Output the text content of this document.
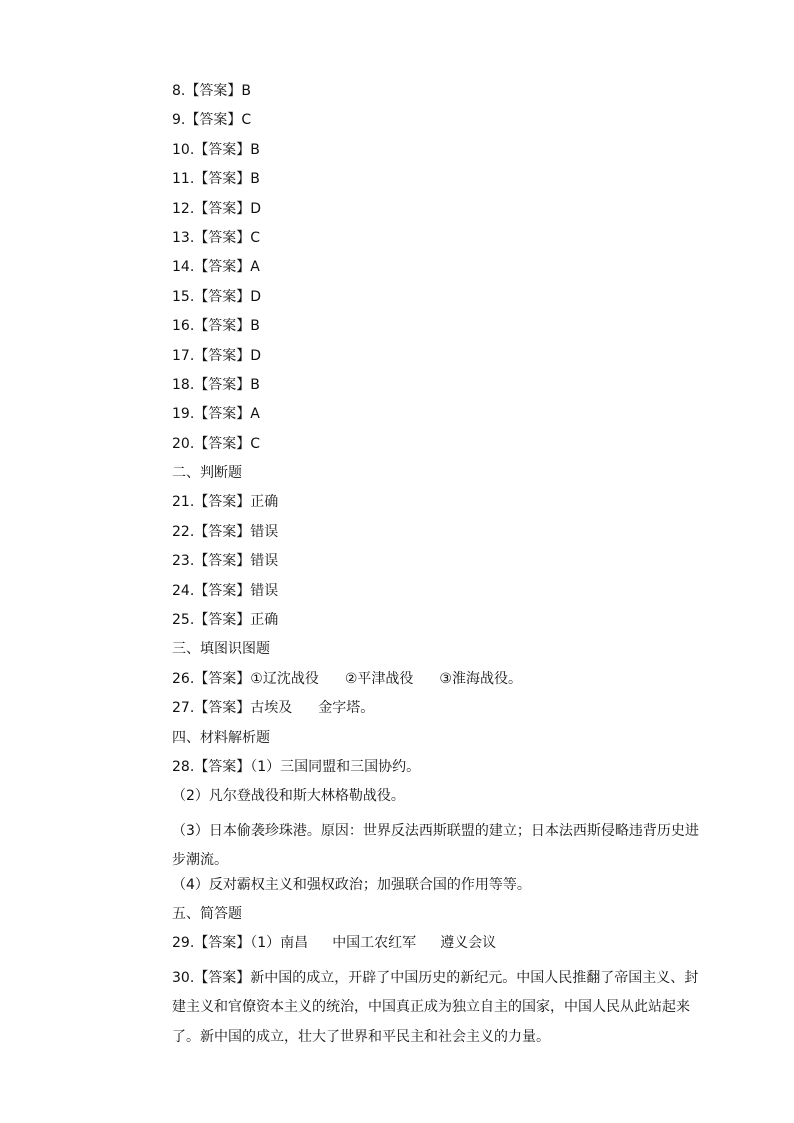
8.【答案】B
9.【答案】C
10.【答案】B
11.【答案】B
12.【答案】D
13.【答案】C
14.【答案】A
15.【答案】D
16.【答案】B
17.【答案】D
18.【答案】B
19.【答案】A
20.【答案】C
二、判断题
21.【答案】正确
22.【答案】错误
23.【答案】错误
24.【答案】错误
25.【答案】正确
三、填图识图题
26.【答案】①辽沈战役 ②平津战役 ③淮海战役。
27.【答案】古埃及 金字塔。
四、材料解析题
28.【答案】（1）三国同盟和三国协约。
（2）凡尔登战役和斯大林格勒战役。
（3）日本偷袭珍珠港。原因：世界反法西斯联盟的建立；日本法西斯侵略违背历史进步潮流。
（4）反对霸权主义和强权政治；加强联合国的作用等等。
五、简答题
29.【答案】（1）南昌 中国工农红军 遵义会议
30.【答案】新中国的成立，开辟了中国历史的新纪元。中国人民推翻了帝国主义、封建主义和官僚资本主义的统治，中国真正成为独立自主的国家，中国人民从此站起来了。新中国的成立，壮大了世界和平民主和社会主义的力量。
